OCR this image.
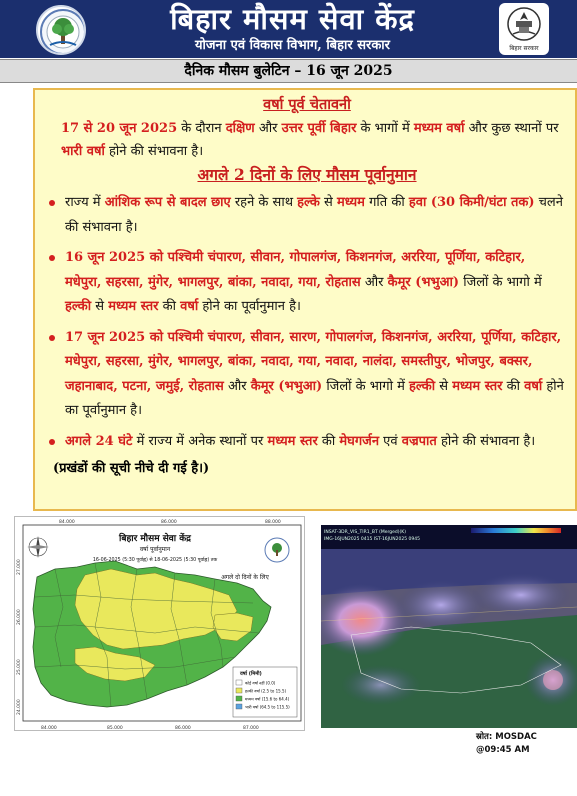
बिहार मौसम सेवा केंद्र
योजना एवं विकास विभाग, बिहार सरकार	बिहार सरकार
दैनिक मौसम बुलेटिन – 16 जून 2025
वर्षा पूर्व चेतावनी

17 से 20 जून 2025 के दौरान दक्षिण और उत्तर पूर्वी बिहार के भागों में मध्यम वर्षा और कुछ स्थानों पर भारी वर्षा होने की संभावना है।

अगले 2 दिनों के लिए मौसम पूर्वानुमान
राज्य में आंशिक रूप से बादल छाए रहने के साथ हल्के से मध्यम गति की हवा (30 किमी/घंटा तक) चलने की संभावना है।
16 जून 2025 को पश्चिमी चंपारण, सीवान, गोपालगंज, किशनगंज, अररिया, पूर्णिया, कटिहार, मधेपुरा, सहरसा, मुंगेर, भागलपुर, बांका, नवादा, गया, रोहतास और कैमूर (भभुआ) जिलों के भागो में हल्की से मध्यम स्तर की वर्षा होने का पूर्वानुमान है।
17 जून 2025 को पश्चिमी चंपारण, सीवान, सारण, गोपालगंज, किशनगंज, अररिया, पूर्णिया, कटिहार, मधेपुरा, सहरसा, मुंगेर, भागलपुर, बांका, नवादा, गया, नवादा, नालंदा, समस्तीपुर, भोजपुर, बक्सर, जहानाबाद, पटना, जमुई, रोहतास और कैमूर (भभुआ) जिलों के भागो में हल्की से मध्यम स्तर की वर्षा होने का पूर्वानुमान है।
अगले 24 घंटे में राज्य में अनेक स्थानों पर मध्यम स्तर की मेघगर्जन एवं वज्रपात होने की संभावना है।
(प्रखंडों की सूची नीचे दी गई है।)
84.000	86.000	88.000
84.000	85.000	86.000	87.000
27.000
26.000
25.000
24.000
बिहार मौसम सेवा केंद्र
वर्षा पूर्वानुमान
16-06-2025 (5:30 पूर्वाह्न) से 18-06-2025 (5:30 पूर्वाह्न) तक
अगले दो दिनों के लिए
वर्षा (मिमी)
कोई वर्षा नहीं (0.0)
हल्की वर्षा (2.5 to 15.5)
मध्यम वर्षा (15.6 to 64.4)
भारी वर्षा (64.5 to 115.5)
INSAT-3DR_VIS_TIR1_BT (Merged)(K)
IMG-16JUN2025 0415 IST-16JUN2025 0945
स्रोत: MOSDAC
@09:45 AM
